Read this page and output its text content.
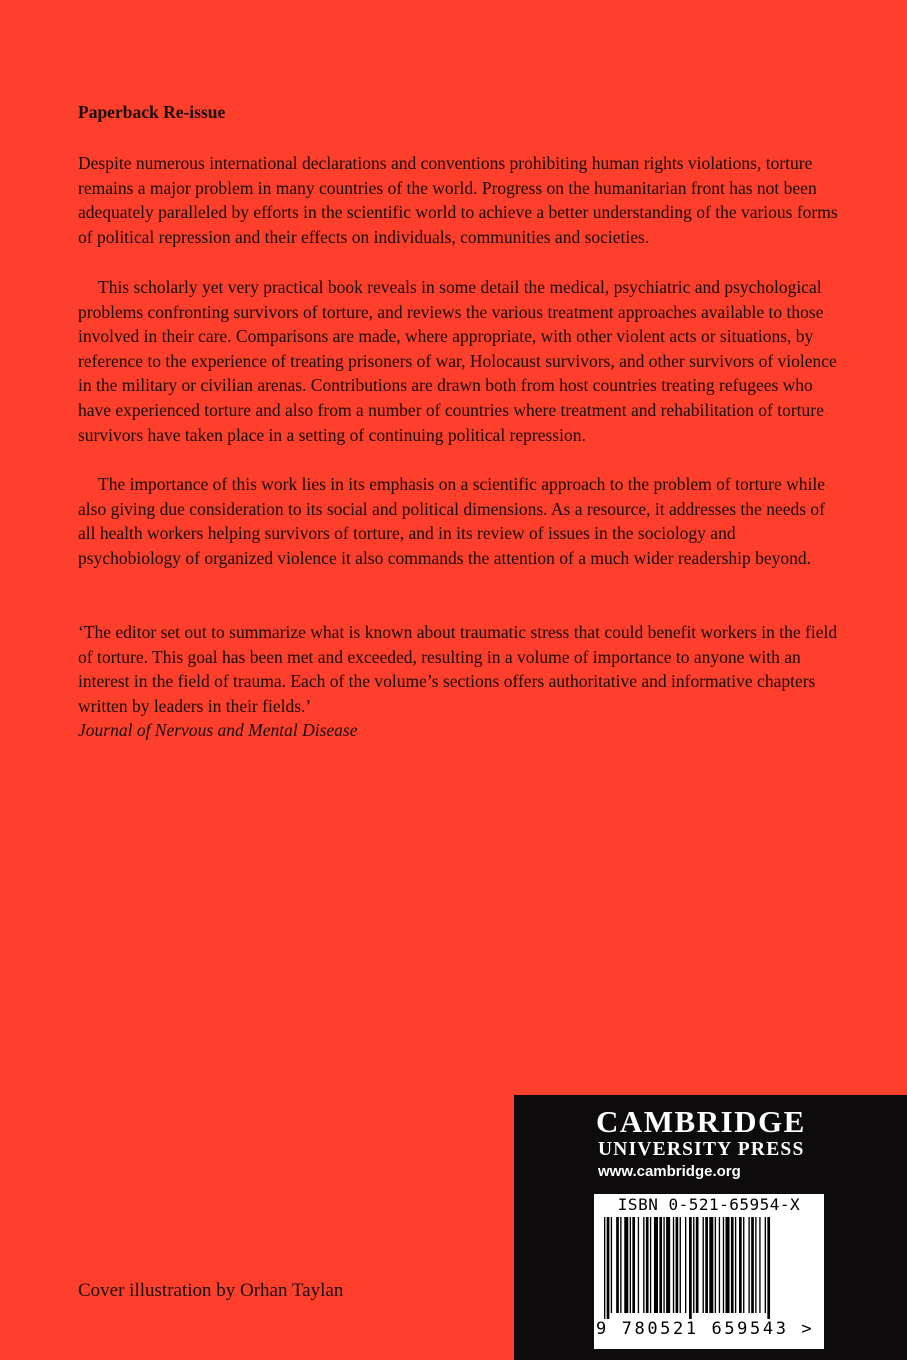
Paperback Re-issue

Despite numerous international declarations and conventions prohibiting human rights violations, torture remains a major problem in many countries of the world. Progress on the humanitarian front has not been adequately paralleled by efforts in the scientific world to achieve a better understanding of the various forms of political repression and their effects on individuals, communities and societies.

This scholarly yet very practical book reveals in some detail the medical, psychiatric and psychological problems confronting survivors of torture, and reviews the various treatment approaches available to those involved in their care. Comparisons are made, where appropriate, with other violent acts or situations, by reference to the experience of treating prisoners of war, Holocaust survivors, and other survivors of violence in the military or civilian arenas. Contributions are drawn both from host countries treating refugees who have experienced torture and also from a number of countries where treatment and rehabilitation of torture survivors have taken place in a setting of continuing political repression.

The importance of this work lies in its emphasis on a scientific approach to the problem of torture while also giving due consideration to its social and political dimensions. As a resource, it addresses the needs of all health workers helping survivors of torture, and in its review of issues in the sociology and psychobiology of organized violence it also commands the attention of a much wider readership beyond.

‘The editor set out to summarize what is known about traumatic stress that could benefit workers in the field of torture. This goal has been met and exceeded, resulting in a volume of importance to anyone with an interest in the field of trauma. Each of the volume’s sections offers authoritative and informative chapters written by leaders in their fields.’

Journal of Nervous and Mental Disease

Cover illustration by Orhan Taylan
CAMBRIDGE
UNIVERSITY PRESS
www.cambridge.org
ISBN 0-521-65954-X
9 780521 659543 >
